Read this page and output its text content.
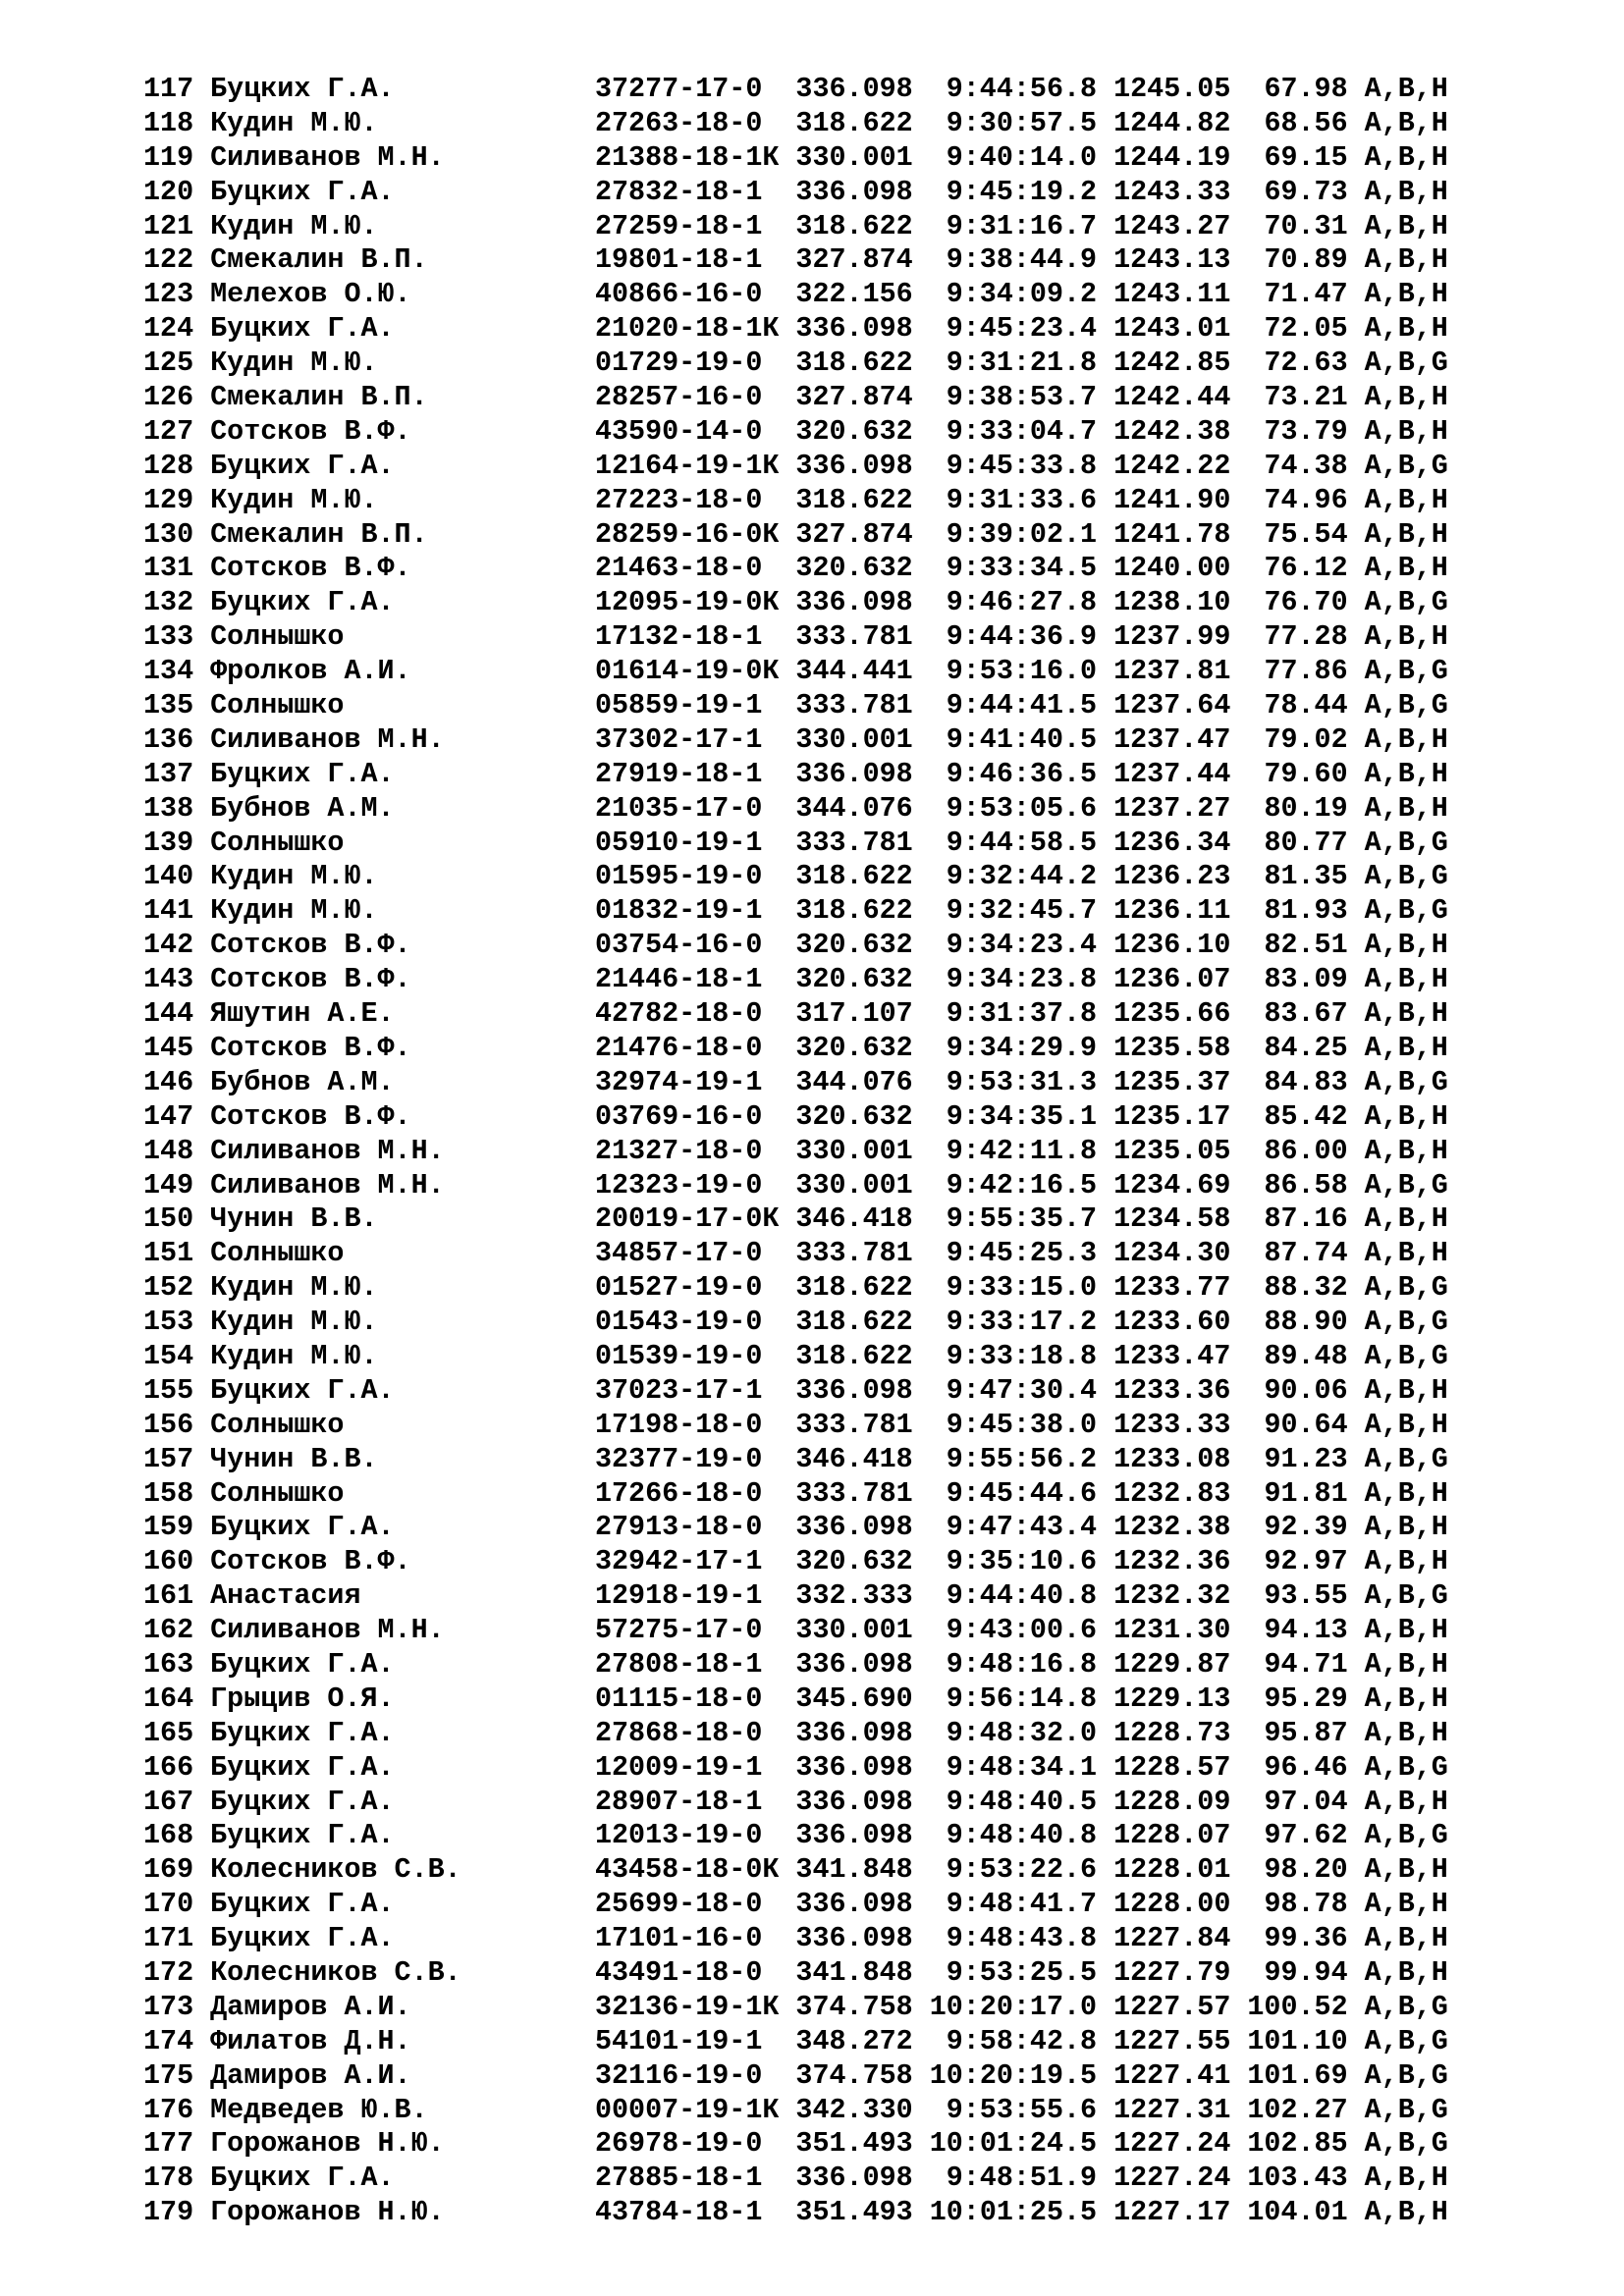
117 Буцких Г.А.	37277-17-0 336.098 9:44:56.8 1245.05 67.98 A,B,H
118 Кудин М.Ю.	27263-18-0 318.622 9:30:57.5 1244.82 68.56 A,B,H
119 Силиванов М.Н.	21388-18-1К 330.001 9:40:14.0 1244.19 69.15 A,B,H
120 Буцких Г.А.	27832-18-1 336.098 9:45:19.2 1243.33 69.73 A,B,H
121 Кудин М.Ю.	27259-18-1 318.622 9:31:16.7 1243.27 70.31 A,B,H
122 Смекалин В.П.	19801-18-1 327.874 9:38:44.9 1243.13 70.89 A,B,H
123 Мелехов О.Ю.	40866-16-0 322.156 9:34:09.2 1243.11 71.47 A,B,H
124 Буцких Г.А.	21020-18-1К 336.098 9:45:23.4 1243.01 72.05 A,B,H
125 Кудин М.Ю.	01729-19-0 318.622 9:31:21.8 1242.85 72.63 A,B,G
126 Смекалин В.П.	28257-16-0 327.874 9:38:53.7 1242.44 73.21 A,B,H
127 Сотсков В.Ф.	43590-14-0 320.632 9:33:04.7 1242.38 73.79 A,B,H
128 Буцких Г.А.	12164-19-1К 336.098 9:45:33.8 1242.22 74.38 A,B,G
129 Кудин М.Ю.	27223-18-0 318.622 9:31:33.6 1241.90 74.96 A,B,H
130 Смекалин В.П.	28259-16-0К 327.874 9:39:02.1 1241.78 75.54 A,B,H
131 Сотсков В.Ф.	21463-18-0 320.632 9:33:34.5 1240.00 76.12 A,B,H
132 Буцких Г.А.	12095-19-0К 336.098 9:46:27.8 1238.10 76.70 A,B,G
133 Солнышко	17132-18-1 333.781 9:44:36.9 1237.99 77.28 A,B,H
134 Фролков А.И.	01614-19-0К 344.441 9:53:16.0 1237.81 77.86 A,B,G
135 Солнышко	05859-19-1 333.781 9:44:41.5 1237.64 78.44 A,B,G
136 Силиванов М.Н.	37302-17-1 330.001 9:41:40.5 1237.47 79.02 A,B,H
137 Буцких Г.А.	27919-18-1 336.098 9:46:36.5 1237.44 79.60 A,B,H
138 Бубнов А.М.	21035-17-0 344.076 9:53:05.6 1237.27 80.19 A,B,H
139 Солнышко	05910-19-1 333.781 9:44:58.5 1236.34 80.77 A,B,G
140 Кудин М.Ю.	01595-19-0 318.622 9:32:44.2 1236.23 81.35 A,B,G
141 Кудин М.Ю.	01832-19-1 318.622 9:32:45.7 1236.11 81.93 A,B,G
142 Сотсков В.Ф.	03754-16-0 320.632 9:34:23.4 1236.10 82.51 A,B,H
143 Сотсков В.Ф.	21446-18-1 320.632 9:34:23.8 1236.07 83.09 A,B,H
144 Яшутин А.Е.	42782-18-0 317.107 9:31:37.8 1235.66 83.67 A,B,H
145 Сотсков В.Ф.	21476-18-0 320.632 9:34:29.9 1235.58 84.25 A,B,H
146 Бубнов А.М.	32974-19-1 344.076 9:53:31.3 1235.37 84.83 A,B,G
147 Сотсков В.Ф.	03769-16-0 320.632 9:34:35.1 1235.17 85.42 A,B,H
148 Силиванов М.Н.	21327-18-0 330.001 9:42:11.8 1235.05 86.00 A,B,H
149 Силиванов М.Н.	12323-19-0 330.001 9:42:16.5 1234.69 86.58 A,B,G
150 Чунин В.В.	20019-17-0К 346.418 9:55:35.7 1234.58 87.16 A,B,H
151 Солнышко	34857-17-0 333.781 9:45:25.3 1234.30 87.74 A,B,H
152 Кудин М.Ю.	01527-19-0 318.622 9:33:15.0 1233.77 88.32 A,B,G
153 Кудин М.Ю.	01543-19-0 318.622 9:33:17.2 1233.60 88.90 A,B,G
154 Кудин М.Ю.	01539-19-0 318.622 9:33:18.8 1233.47 89.48 A,B,G
155 Буцких Г.А.	37023-17-1 336.098 9:47:30.4 1233.36 90.06 A,B,H
156 Солнышко	17198-18-0 333.781 9:45:38.0 1233.33 90.64 A,B,H
157 Чунин В.В.	32377-19-0 346.418 9:55:56.2 1233.08 91.23 A,B,G
158 Солнышко	17266-18-0 333.781 9:45:44.6 1232.83 91.81 A,B,H
159 Буцких Г.А.	27913-18-0 336.098 9:47:43.4 1232.38 92.39 A,B,H
160 Сотсков В.Ф.	32942-17-1 320.632 9:35:10.6 1232.36 92.97 A,B,H
161 Анастасия	12918-19-1 332.333 9:44:40.8 1232.32 93.55 A,B,G
162 Силиванов М.Н.	57275-17-0 330.001 9:43:00.6 1231.30 94.13 A,B,H
163 Буцких Г.А.	27808-18-1 336.098 9:48:16.8 1229.87 94.71 A,B,H
164 Грыцив О.Я.	01115-18-0 345.690 9:56:14.8 1229.13 95.29 A,B,H
165 Буцких Г.А.	27868-18-0 336.098 9:48:32.0 1228.73 95.87 A,B,H
166 Буцких Г.А.	12009-19-1 336.098 9:48:34.1 1228.57 96.46 A,B,G
167 Буцких Г.А.	28907-18-1 336.098 9:48:40.5 1228.09 97.04 A,B,H
168 Буцких Г.А.	12013-19-0 336.098 9:48:40.8 1228.07 97.62 A,B,G
169 Колесников С.В.	43458-18-0К 341.848 9:53:22.6 1228.01 98.20 A,B,H
170 Буцких Г.А.	25699-18-0 336.098 9:48:41.7 1228.00 98.78 A,B,H
171 Буцких Г.А.	17101-16-0 336.098 9:48:43.8 1227.84 99.36 A,B,H
172 Колесников С.В.	43491-18-0 341.848 9:53:25.5 1227.79 99.94 A,B,H
173 Дамиров А.И.	32136-19-1К 374.758 10:20:17.0 1227.57 100.52 A,B,G
174 Филатов Д.Н.	54101-19-1 348.272 9:58:42.8 1227.55 101.10 A,B,G
175 Дамиров А.И.	32116-19-0 374.758 10:20:19.5 1227.41 101.69 A,B,G
176 Медведев Ю.В.	00007-19-1К 342.330 9:53:55.6 1227.31 102.27 A,B,G
177 Горожанов Н.Ю.	26978-19-0 351.493 10:01:24.5 1227.24 102.85 A,B,G
178 Буцких Г.А.	27885-18-1 336.098 9:48:51.9 1227.24 103.43 A,B,H
179 Горожанов Н.Ю.	43784-18-1 351.493 10:01:25.5 1227.17 104.01 A,B,H
